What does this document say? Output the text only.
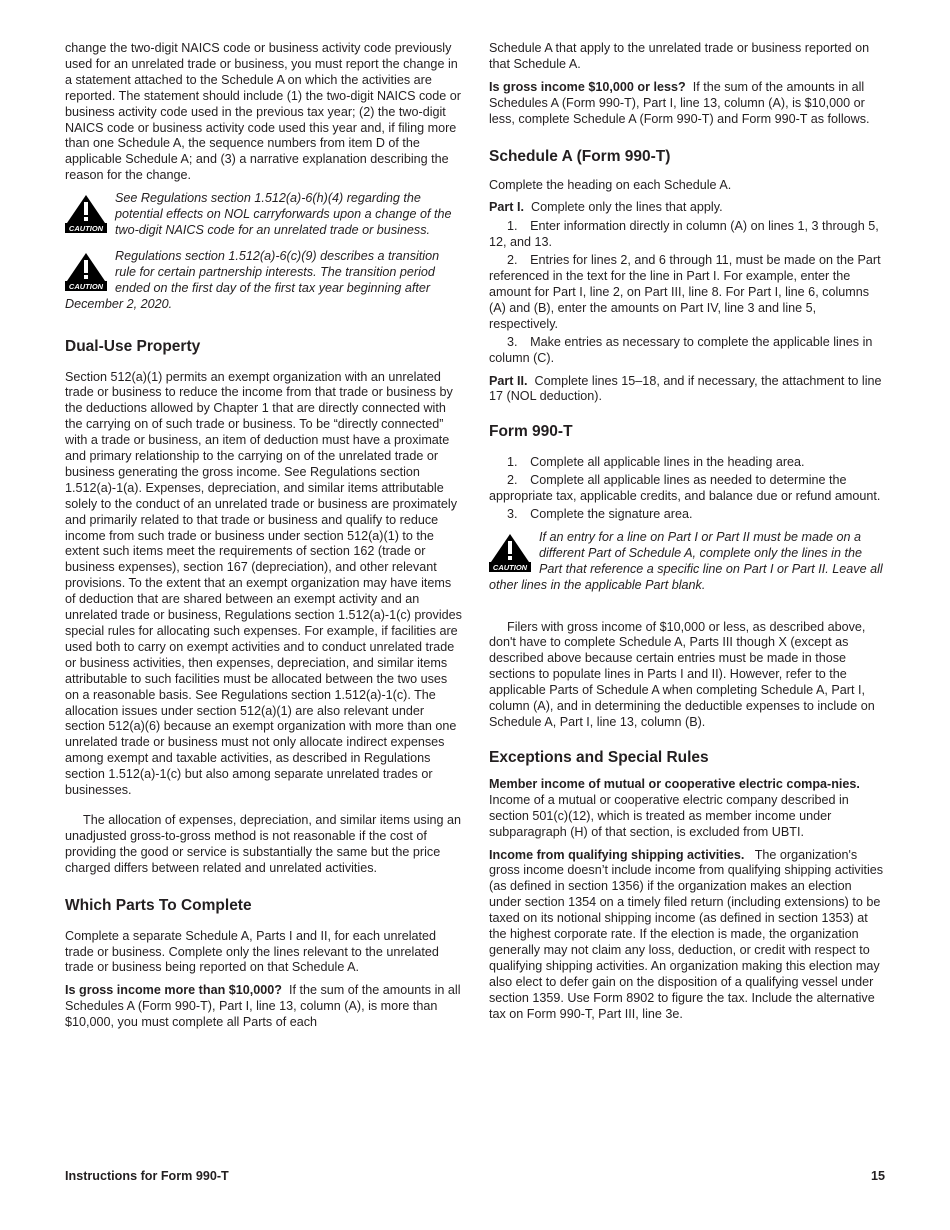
change the two-digit NAICS code or business activity code previously used for an unrelated trade or business, you must report the change in a statement attached to the Schedule A on which the activities are reported. The statement should include (1) the two-digit NAICS code or business activity code used in the previous tax year; (2) the two-digit NAICS code or business activity code used this year and, if filing more than one Schedule A, the sequence numbers from item D of the applicable Schedule A; and (3) a narrative explanation describing the reason for the change.

CAUTION
See Regulations section 1.512(a)-6(h)(4) regarding the potential effects on NOL carryforwards upon a change of the two-digit NAICS code for an unrelated trade or business.
CAUTION
Regulations section 1.512(a)-6(c)(9) describes a transition rule for certain partnership interests. The transition period ended on the first day of the first tax year beginning after December 2, 2020.
Dual-Use Property

Section 512(a)(1) permits an exempt organization with an unrelated trade or business to reduce the income from that trade or business by the deductions allowed by Chapter 1 that are directly connected with the carrying on of such trade or business. To be “directly connected” with a trade or business, an item of deduction must have a proximate and primary relationship to the carrying on of the unrelated trade or business generating the gross income. See Regulations section 1.512(a)-1(a). Expenses, depreciation, and similar items attributable solely to the conduct of an unrelated trade or business are proximately and primarily related to that trade or business and qualify to reduce income from such trade or business under section 512(a)(1) to the extent such items meet the requirements of section 162 (trade or business expenses), section 167 (depreciation), and other relevant provisions. To the extent that an exempt organization may have items of deduction that are shared between an exempt activity and an unrelated trade or business, Regulations section 1.512(a)-1(c) provides special rules for allocating such expenses. For example, if facilities are used both to carry on exempt activities and to conduct unrelated trade or business activities, then expenses, depreciation, and similar items attributable to such facilities must be allocated between the two uses on a reasonable basis. See Regulations section 1.512(a)-1(c). The allocation issues under section 512(a)(1) are also relevant under section 512(a)(6) because an exempt organization with more than one unrelated trade or business must not only allocate indirect expenses among exempt and taxable activities, as described in Regulations section 1.512(a)-1(c) but also among separate unrelated trades or businesses.

The allocation of expenses, depreciation, and similar items using an unadjusted gross-to-gross method is not reasonable if the cost of providing the good or service is substantially the same but the price charged differs between related and unrelated activities.

Which Parts To Complete

Complete a separate Schedule A, Parts I and II, for each unrelated trade or business. Complete only the lines relevant to the unrelated trade or business being reported on that Schedule A.

Is gross income more than $10,000? If the sum of the amounts in all Schedules A (Form 990-T), Part I, line 13, column (A), is more than $10,000, you must complete all Parts of each

Schedule A that apply to the unrelated trade or business reported on that Schedule A.

Is gross income $10,000 or less? If the sum of the amounts in all Schedules A (Form 990-T), Part I, line 13, column (A), is $10,000 or less, complete Schedule A (Form 990-T) and Form 990-T as follows.

Schedule A (Form 990-T)

Complete the heading on each Schedule A.

Part I. Complete only the lines that apply.

1. Enter information directly in column (A) on lines 1, 3 through 5, 12, and 13.

2. Entries for lines 2, and 6 through 11, must be made on the Part referenced in the text for the line in Part I. For example, enter the amount for Part I, line 2, on Part III, line 8. For Part I, line 6, columns (A) and (B), enter the amounts on Part IV, line 3 and line 5, respectively.

3. Make entries as necessary to complete the applicable lines in column (C).

Part II. Complete lines 15–18, and if necessary, the attachment to line 17 (NOL deduction).

Form 990-T

1. Complete all applicable lines in the heading area.

2. Complete all applicable lines as needed to determine the appropriate tax, applicable credits, and balance due or refund amount.

3. Complete the signature area.

CAUTION
If an entry for a line on Part I or Part II must be made on a different Part of Schedule A, complete only the lines in the Part that reference a specific line on Part I or Part II. Leave all other lines in the applicable Part blank.

Filers with gross income of $10,000 or less, as described above, don't have to complete Schedule A, Parts III though X (except as described above because certain entries must be made in those sections to populate lines in Parts I and II). However, refer to the applicable Parts of Schedule A when completing Schedule A, Part I, column (A), and in determining the deductible expenses to include on Schedule A, Part I, line 13, column (B).

Exceptions and Special Rules

Member income of mutual or cooperative electric compa-nies.  Income of a mutual or cooperative electric company described in section 501(c)(12), which is treated as member income under subparagraph (H) of that section, is excluded from UBTI.

Income from qualifying shipping activities. The organization's gross income doesn’t include income from qualifying shipping activities (as defined in section 1356) if the organization makes an election under section 1354 on a timely filed return (including extensions) to be taxed on its notional shipping income (as defined in section 1353) at the highest corporate rate. If the election is made, the organization generally may not claim any loss, deduction, or credit with respect to qualifying shipping activities. An organization making this election may also elect to defer gain on the disposition of a qualifying vessel under section 1359. Use Form 8902 to figure the tax. Include the alternative tax on Form 990-T, Part III, line 3e.

Instructions for Form 990-T	15
